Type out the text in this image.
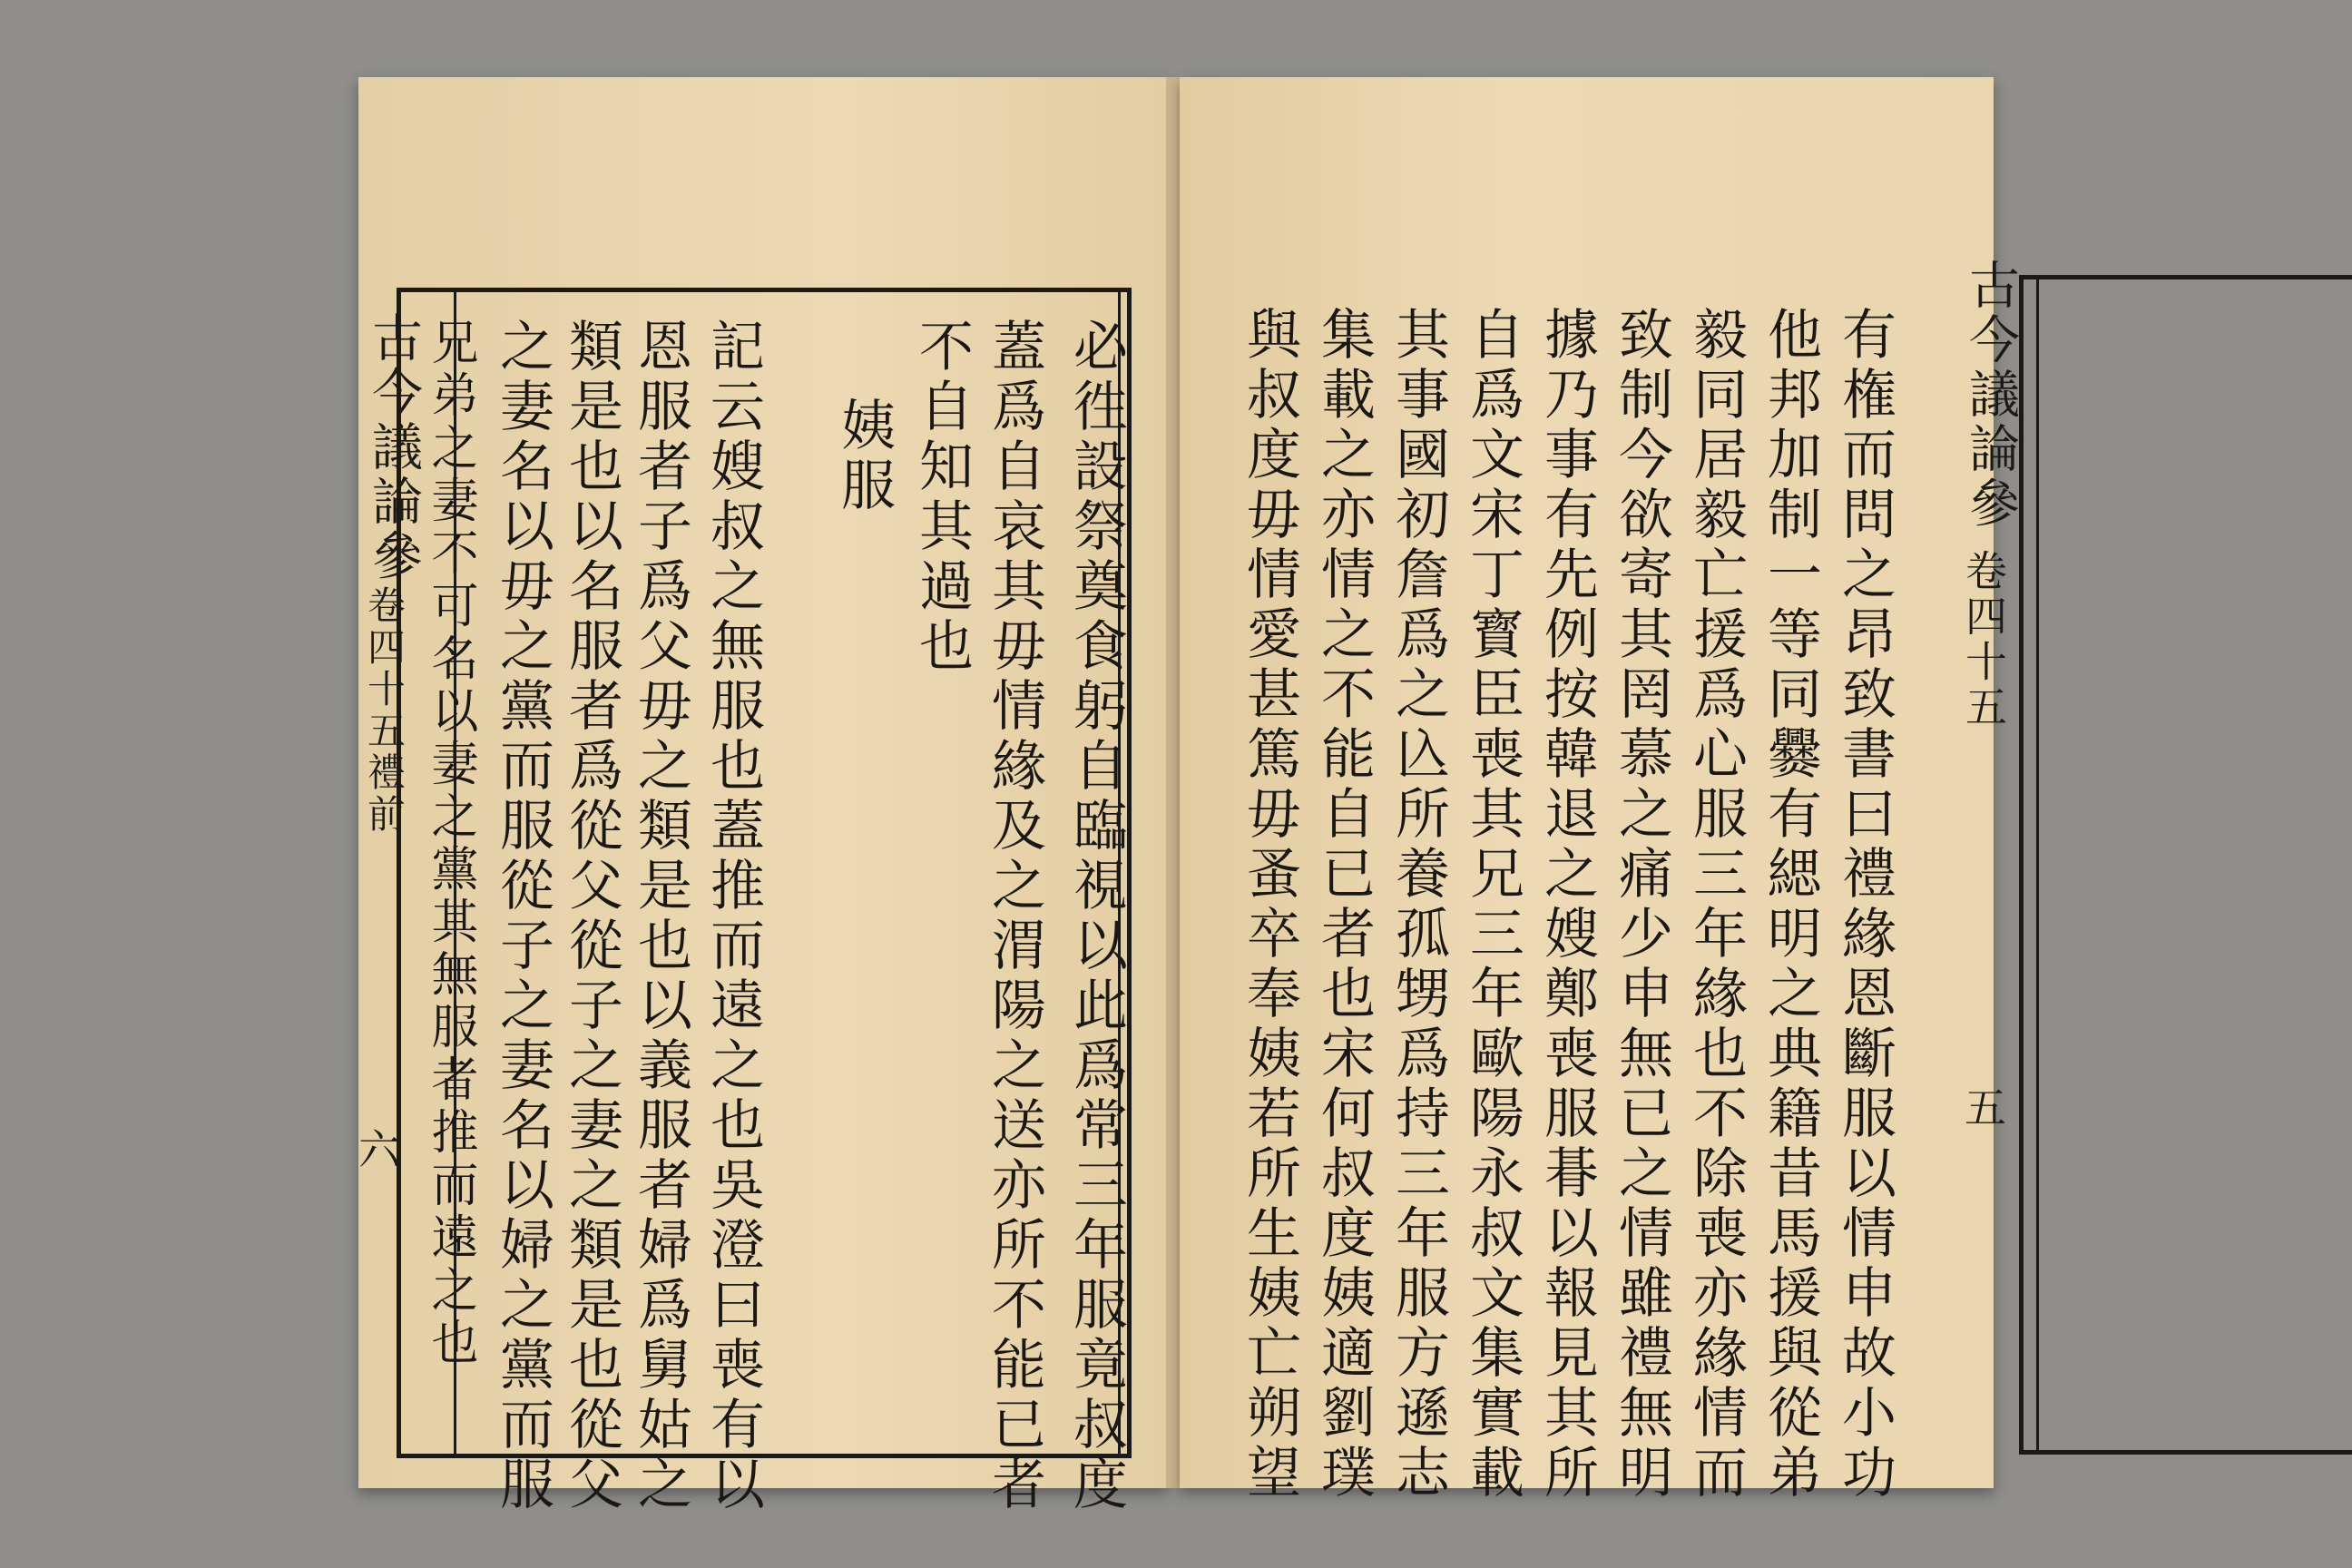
必徃設祭奠食躬自臨視以此爲常三年服竟叔度
蓋爲自哀其毋情緣及之渭陽之送亦所不能已者
不自知其過也
姨服
記云嫂叔之無服也蓋推而遠之也吳澄曰喪有以
恩服者子爲父毋之類是也以義服者婦爲舅姑之
類是也以名服者爲從父從子之妻之類是也從父
之妻名以毋之黨而服從子之妻名以婦之黨而服
兄弟之妻不可名以妻之黨其無服者推而遠之也
古今議論參
卷四十五禮前
六	有権而問之昂致書曰禮緣恩斷服以情申故小功
他邦加制一等同爨有緦明之典籍昔馬援與從弟
毅同居毅亡援爲心服三年緣也不除喪亦緣情而
致制今欲寄其罔慕之痛少申無已之情雖禮無明
據乃事有先例按韓退之嫂鄭喪服朞以報見其所
自爲文宋丁寳臣喪其兄三年歐陽永叔文集實載
其事國初詹爲之兦所養孤甥爲持三年服方遜志
集載之亦情之不能自已者也宋何叔度姨適劉璞
與叔度毋情愛甚篤毋蚤卒奉姨若所生姨亡朔望	古今議論參
卷四十五
五
